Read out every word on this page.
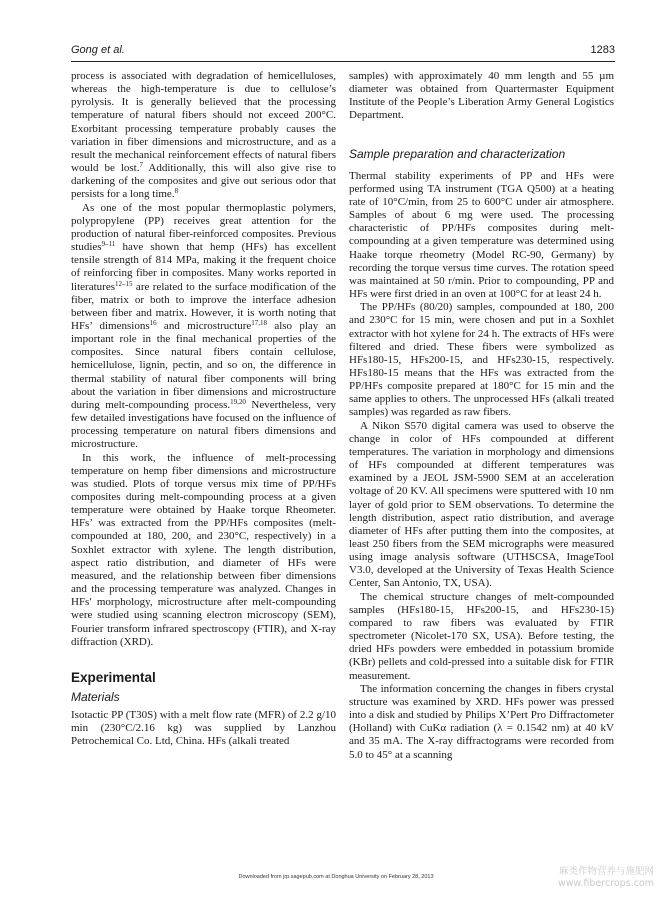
Gong et al.	1283

process is associated with degradation of hemicelluloses, whereas the high-temperature is due to cellulose’s pyrolysis. It is generally believed that the processing temperature of natural fibers should not exceed 200°C. Exorbitant processing temperature probably causes the variation in fiber dimensions and microstructure, and as a result the mechanical reinforcement effects of natural fibers would be lost.$^7$ Additionally, this will also give rise to darkening of the composites and give out serious odor that persists for a long time.$^8$

As one of the most popular thermoplastic polymers, polypropylene (PP) receives great attention for the production of natural fiber-reinforced composites. Previous studies$^{9-11}$ have shown that hemp (HFs) has excellent tensile strength of 814 MPa, making it the frequent choice of reinforcing fiber in composites. Many works reported in literatures$^{12-15}$ are related to the surface modification of the fiber, matrix or both to improve the interface adhesion between fiber and matrix. However, it is worth noting that HFs’ dimensions$^{16}$ and microstructure$^{17,18}$ also play an important role in the final mechanical properties of the composites. Since natural fibers contain cellulose, hemicellulose, lignin, pectin, and so on, the difference in thermal stability of natural fiber components will bring about the variation in fiber dimensions and microstructure during melt-compounding process.$^{19,20}$ Nevertheless, very few detailed investigations have focused on the influence of processing temperature on natural fibers dimensions and microstructure.

In this work, the influence of melt-processing temperature on hemp fiber dimensions and microstructure was studied. Plots of torque versus mix time of PP/HFs composites during melt-compounding process at a given temperature were obtained by Haake torque Rheometer. HFs’ was extracted from the PP/HFs composites (melt-compounded at 180, 200, and 230°C, respectively) in a Soxhlet extractor with xylene. The length distribution, aspect ratio distribution, and diameter of HFs were measured, and the relationship between fiber dimensions and the processing temperature was analyzed. Changes in HFs′ morphology, microstructure after melt-compounding were studied using scanning electron microscopy (SEM), Fourier transform infrared spectroscopy (FTIR), and X-ray diffraction (XRD).

Experimental
Materials

Isotactic PP (T30S) with a melt flow rate (MFR) of 2.2 g/10 min (230°C/2.16 kg) was supplied by Lanzhou Petrochemical Co. Ltd, China. HFs (alkali treated

samples) with approximately 40 mm length and 55 µm diameter was obtained from Quartermaster Equipment Institute of the People’s Liberation Army General Logistics Department.

Sample preparation and characterization

Thermal stability experiments of PP and HFs were performed using TA instrument (TGA Q500) at a heating rate of 10°C/min, from 25 to 600°C under air atmosphere. Samples of about 6 mg were used. The processing characteristic of PP/HFs composites during melt-compounding at a given temperature was determined using Haake torque rheometry (Model RC-90, Germany) by recording the torque versus time curves. The rotation speed was maintained at 50 r/min. Prior to compounding, PP and HFs were first dried in an oven at 100°C for at least 24 h.

The PP/HFs (80/20) samples, compounded at 180, 200 and 230°C for 15 min, were chosen and put in a Soxhlet extractor with hot xylene for 24 h. The extracts of HFs were filtered and dried. These fibers were symbolized as HFs180-15, HFs200-15, and HFs230-15, respectively. HFs180-15 means that the HFs was extracted from the PP/HFs composite prepared at 180°C for 15 min and the same applies to others. The unprocessed HFs (alkali treated samples) was regarded as raw fibers.

A Nikon S570 digital camera was used to observe the change in color of HFs compounded at different temperatures. The variation in morphology and dimensions of HFs compounded at different temperatures was examined by a JEOL JSM-5900 SEM at an acceleration voltage of 20 KV. All specimens were sputtered with 10 nm layer of gold prior to SEM observations. To determine the length distribution, aspect ratio distribution, and average diameter of HFs after putting them into the composites, at least 250 fibers from the SEM micrographs were measured using image analysis software (UTHSCSA, ImageTool V3.0, developed at the University of Texas Health Science Center, San Antonio, TX, USA).

The chemical structure changes of melt-compounded samples (HFs180-15, HFs200-15, and HFs230-15) compared to raw fibers was evaluated by FTIR spectrometer (Nicolet-170 SX, USA). Before testing, the dried HFs powders were embedded in potassium bromide (KBr) pellets and cold-pressed into a suitable disk for FTIR measurement.

The information concerning the changes in fibers crystal structure was examined by XRD. HFs power was pressed into a disk and studied by Philips X’Pert Pro Diffractometer (Holland) with CuKα radiation (λ = 0.1542 nm) at 40 kV and 35 mA. The X-ray diffractograms were recorded from 5.0 to 45° at a scanning

Downloaded from jrp.sagepub.com at Donghua University on February 28, 2013	麻类作物营养与施肥网
www.fibercrops.com
